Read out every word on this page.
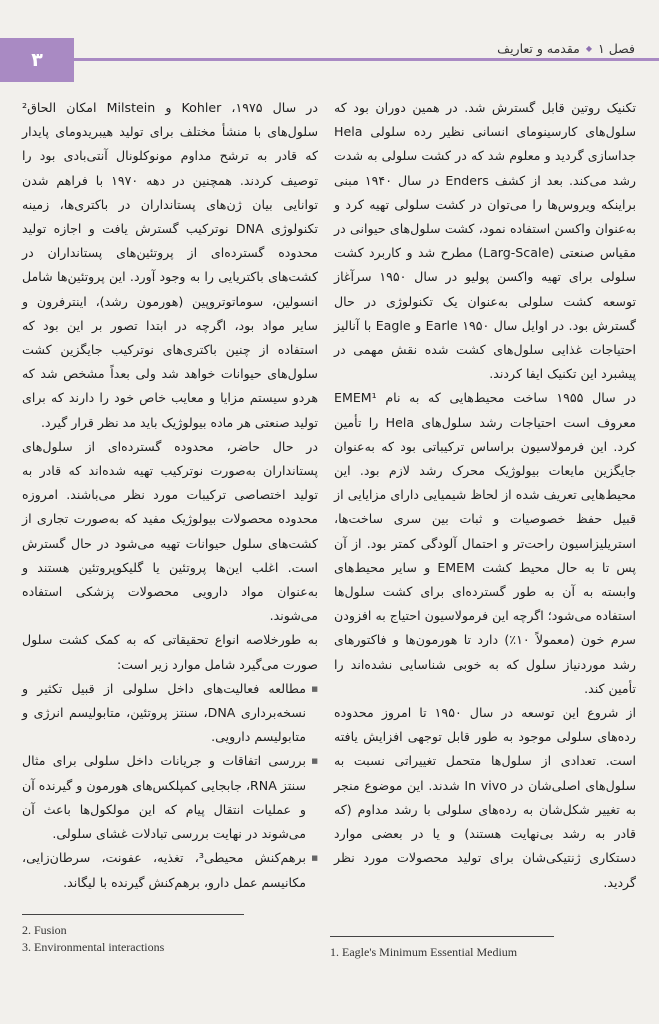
۳
فصل ۱
◆
مقدمه و تعاریف

تکنیک روتین قابل گسترش شد. در همین دوران بود که سلول‌های کارسینومای انسانی نظیر رده سلولی Hela جداسازی گردید و معلوم شد که در کشت سلولی به شدت رشد می‌کند. بعد از کشف Enders در سال ۱۹۴۰ مبنی براینکه ویروس‌ها را می‌توان در کشت سلولی تهیه کرد و به‌عنوان واکسن استفاده نمود، کشت سلول‌های حیوانی در مقیاس صنعتی (Larg-Scale) مطرح شد و کاربرد کشت سلولی برای تهیه واکسن پولیو در سال ۱۹۵۰ سرآغاز توسعه کشت سلولی به‌عنوان یک تکنولوژی در حال گسترش بود. در اوایل سال ۱۹۵۰ Earle و Eagle با آنالیز احتیاجات غذایی سلول‌های کشت شده نقش مهمی در پیشبرد این تکنیک ایفا کردند.

در سال ۱۹۵۵ ساخت محیط‌هایی که به نام EMEM¹ معروف است احتیاجات رشد سلول‌های Hela را تأمین کرد. این فرمولاسیون براساس ترکیباتی بود که به‌عنوان جایگزین مایعات بیولوژیک محرک رشد لازم بود. این محیط‌هایی تعریف شده از لحاظ شیمیایی دارای مزایایی از قبیل حفظ خصوصیات و ثبات بین سری ساخت‌ها، استریلیزاسیون راحت‌تر و احتمال آلودگی کمتر بود. از آن پس تا به حال محیط کشت EMEM و سایر محیط‌های وابسته به آن به طور گسترده‌ای برای کشت سلول‌ها استفاده می‌شود؛ اگرچه این فرمولاسیون احتیاج به افزودن سرم خون (معمولاً ۱۰٪) دارد تا هورمون‌ها و فاکتورهای رشد موردنیاز سلول که به خوبی شناسایی نشده‌اند را تأمین کند.

از شروع این توسعه در سال ۱۹۵۰ تا امروز محدوده رده‌های سلولی موجود به طور قابل توجهی افزایش یافته است. تعدادی از سلول‌ها متحمل تغییراتی نسبت به سلول‌های اصلی‌شان در In vivo شدند. این موضوع منجر به تغییر شکل‌شان به رده‌های سلولی با رشد مداوم (که قادر به رشد بی‌نهایت هستند) و یا در بعضی موارد دستکاری ژنتیکی‌شان برای تولید محصولات مورد نظر گردید.

در سال ۱۹۷۵، Kohler و Milstein امکان الحاق² سلول‌های با منشأ مختلف برای تولید هیبریدومای پایدار که قادر به ترشح مداوم مونوکلونال آنتی‌بادی بود را توصیف کردند. همچنین در دهه ۱۹۷۰ با فراهم شدن توانایی بیان ژن‌های پستانداران در باکتری‌ها، زمینه تکنولوژی DNA نوترکیب گسترش یافت و اجازه تولید محدوده گسترده‌ای از پروتئین‌های پستانداران در کشت‌های باکتریایی را به وجود آورد. این پروتئین‌ها شامل انسولین، سوماتوتروپین (هورمون رشد)، اینترفرون و سایر مواد بود، اگرچه در ابتدا تصور بر این بود که استفاده از چنین باکتری‌های نوترکیب جایگزین کشت سلول‌های حیوانات خواهد شد ولی بعداً مشخص شد که هردو سیستم مزایا و معایب خاص خود را دارند که برای تولید صنعتی هر ماده بیولوژیک باید مد نظر قرار گیرد.

در حال حاضر، محدوده گسترده‌ای از سلول‌های پستانداران به‌صورت نوترکیب تهیه شده‌اند که قادر به تولید اختصاصی ترکیبات مورد نظر می‌باشند. امروزه محدوده محصولات بیولوژیک مفید که به‌صورت تجاری از کشت‌های سلول حیوانات تهیه می‌شود در حال گسترش است. اغلب این‌ها پروتئین یا گلیکوپروتئین هستند و به‌عنوان مواد دارویی محصولات پزشکی استفاده می‌شوند.

به طورخلاصه انواع تحقیقاتی که به کمک کشت سلول صورت می‌گیرد شامل موارد زیر است:

■ مطالعه فعالیت‌های داخل سلولی از قبیل تکثیر و نسخه‌برداری DNA، سنتز پروتئین، متابولیسم انرژی و متابولیسم دارویی.
■ بررسی اتفاقات و جریانات داخل سلولی برای مثال سنتز RNA، جابجایی کمپلکس‌های هورمون و گیرنده آن و عملیات انتقال پیام که این مولکول‌ها باعث آن می‌شوند در نهایت بررسی تبادلات غشای سلولی.
■ برهم‌کنش محیطی³، تغذیه، عفونت، سرطان‌زایی، مکانیسم عمل دارو، برهم‌کنش گیرنده با لیگاند.
2. Fusion
3. Environmental interactions	1. Eagle's Minimum Essential Medium
